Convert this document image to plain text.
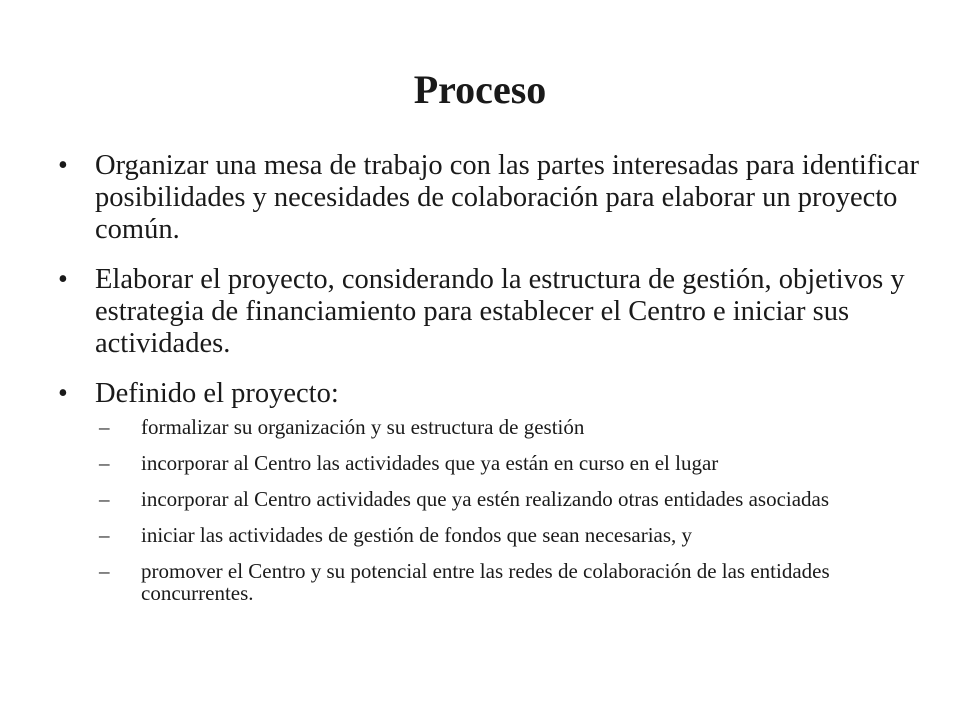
Proceso
• Organizar una mesa de trabajo con las partes interesadas para identificar posibilidades y necesidades de colaboración para elaborar un proyecto común.
• Elaborar el proyecto, considerando la estructura de gestión, objetivos y estrategia de financiamiento para establecer el Centro e iniciar sus actividades.
• Definido el proyecto:
– formalizar su organización y su estructura de gestión
– incorporar al Centro las actividades que ya están en curso en el lugar
– incorporar al Centro actividades que ya estén realizando otras entidades asociadas
– iniciar las actividades de gestión de fondos que sean necesarias, y
– promover el Centro y su potencial entre las redes de colaboración de las entidades concurrentes.
